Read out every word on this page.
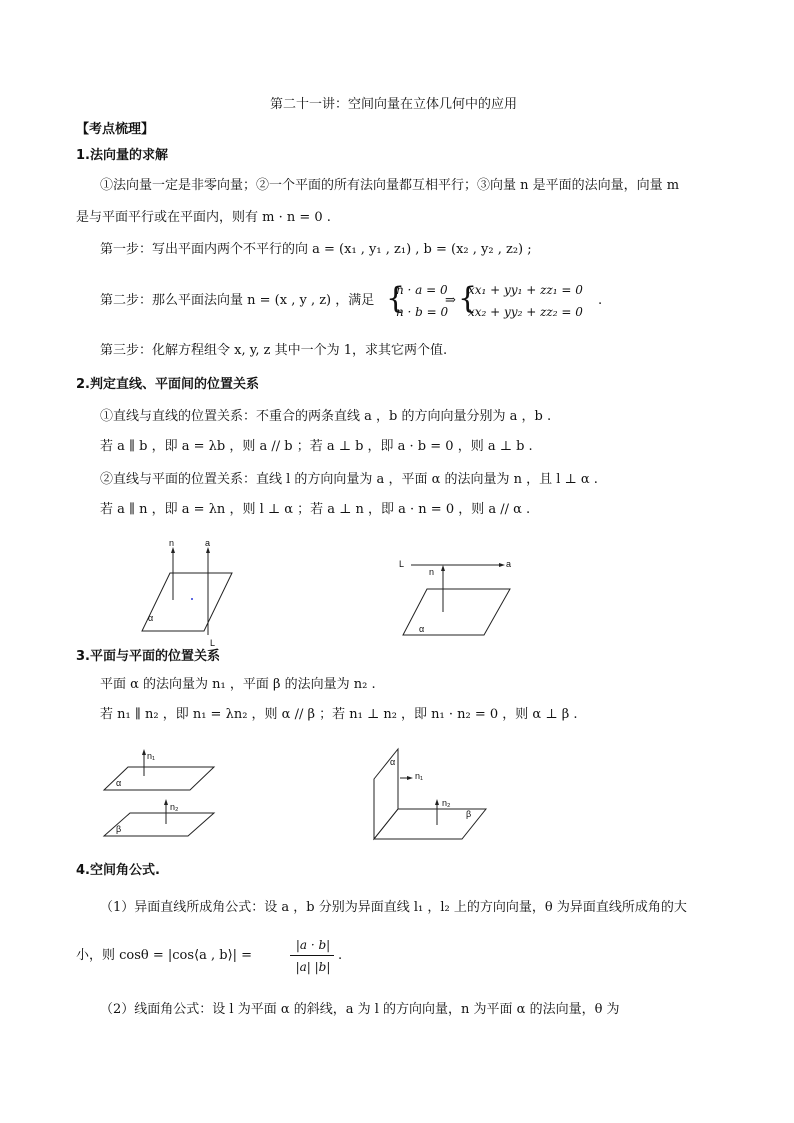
第二十一讲：空间向量在立体几何中的应用
【考点梳理】
1.法向量的求解
①法向量一定是非零向量；②一个平面的所有法向量都互相平行；③向量 n 是平面的法向量，向量 m
是与平面平行或在平面内，则有 m · n = 0 .
第一步：写出平面内两个不平行的向 a = (x₁ , y₁ , z₁) , b = (x₂ , y₂ , z₂) ;
第二步：那么平面法向量 n = (x , y , z) ，满足 {
n · a = 0
n · b = 0
⇒ {
xx₁ + yy₁ + zz₁ = 0
xx₂ + yy₂ + zz₂ = 0
.
第三步：化解方程组令 x, y, z 其中一个为 1，求其它两个值.
2.判定直线、平面间的位置关系
①直线与直线的位置关系：不重合的两条直线 a ，b 的方向向量分别为 a ，b .
若 a ∥ b ，即 a = λb ，则 a // b ；若 a ⊥ b ，即 a · b = 0 ，则 a ⊥ b .
②直线与平面的位置关系：直线 l 的方向向量为 a ，平面 α 的法向量为 n ，且 l ⊥ α .
若 a ∥ n ，即 a = λn ，则 l ⊥ α ；若 a ⊥ n ，即 a · n = 0 ，则 a // α .
n	a
α
L
L	a
n
α
3.平面与平面的位置关系
平面 α 的法向量为 n₁ ，平面 β 的法向量为 n₂ .
若 n₁ ∥ n₂ ，即 n₁ = λn₂ ，则 α // β ；若 n₁ ⊥ n₂ ，即 n₁ · n₂ = 0 ，则 α ⊥ β .
n₁
α
n₂
β
α
n₁
n₂
β
4.空间角公式.
（1）异面直线所成角公式：设 a ，b 分别为异面直线 l₁ ，l₂ 上的方向向量，θ 为异面直线所成角的大
小，则 cosθ = |cos⟨a , b⟩| =
|a · b|
|a| |b|
.
（2）线面角公式：设 l 为平面 α 的斜线，a 为 l 的方向向量，n 为平面 α 的法向量，θ 为
